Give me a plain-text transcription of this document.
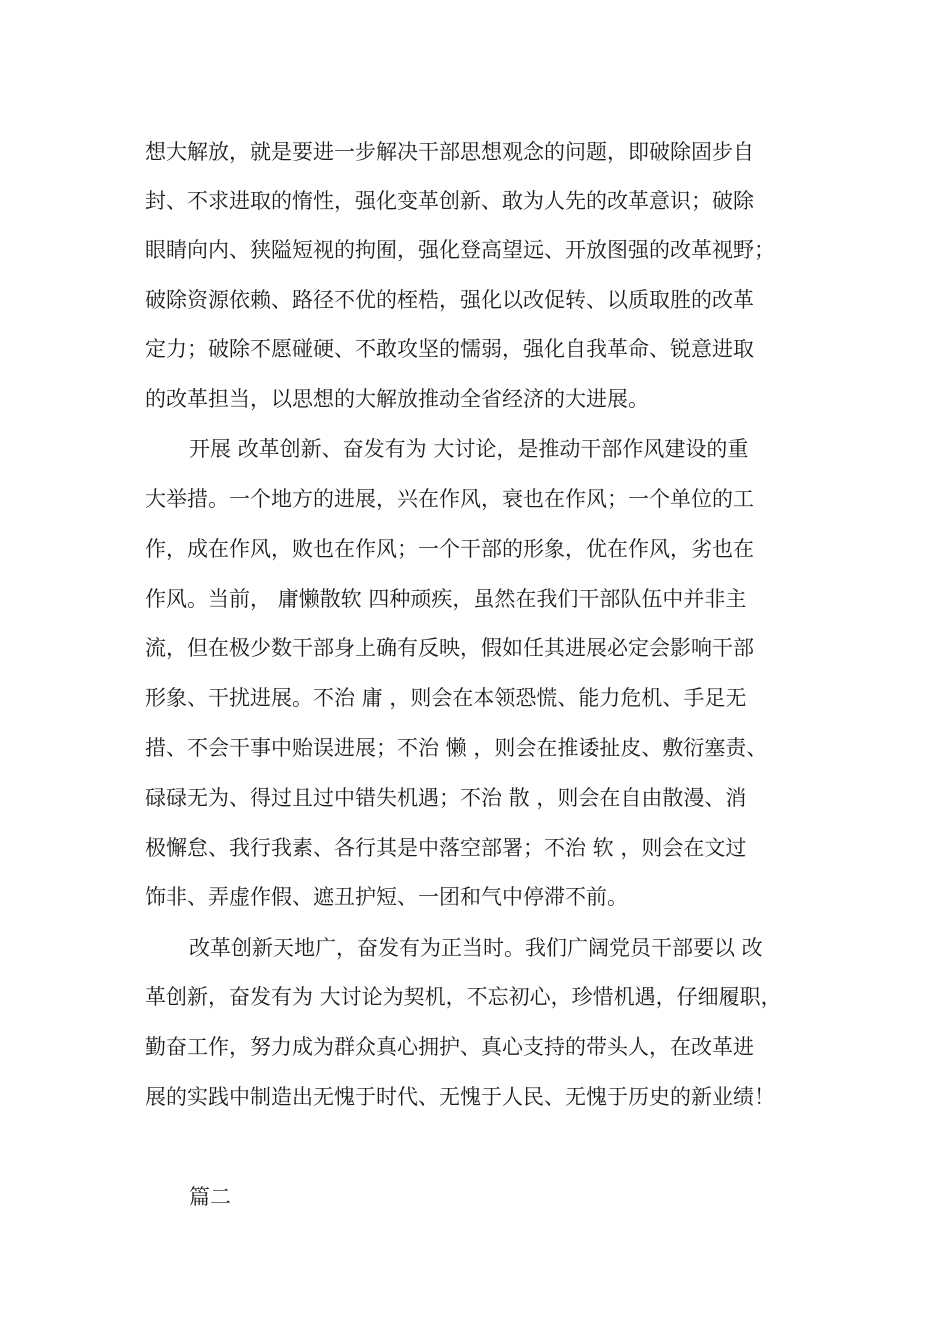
想大解放，就是要进一步解决干部思想观念的问题，即破除固步自
封、不求进取的惰性，强化变革创新、敢为人先的改革意识；破除
眼睛向内、狭隘短视的拘囿，强化登高望远、开放图强的改革视野；
破除资源依赖、路径不优的桎梏，强化以改促转、以质取胜的改革
定力；破除不愿碰硬、不敢攻坚的懦弱，强化自我革命、锐意进取
的改革担当，以思想的大解放推动全省经济的大进展。
开展 改革创新、奋发有为 大讨论，是推动干部作风建设的重
大举措。一个地方的进展，兴在作风，衰也在作风；一个单位的工
作，成在作风，败也在作风；一个干部的形象，优在作风，劣也在
作风。当前， 庸懒散软 四种顽疾，虽然在我们干部队伍中并非主
流，但在极少数干部身上确有反映，假如任其进展必定会影响干部
形象、干扰进展。不治 庸 ，则会在本领恐慌、能力危机、手足无
措、不会干事中贻误进展；不治 懒 ，则会在推诿扯皮、敷衍塞责、
碌碌无为、得过且过中错失机遇；不治 散 ，则会在自由散漫、消
极懈怠、我行我素、各行其是中落空部署；不治 软 ，则会在文过
饰非、弄虚作假、遮丑护短、一团和气中停滞不前。
改革创新天地广，奋发有为正当时。我们广阔党员干部要以 改
革创新，奋发有为 大讨论为契机，不忘初心，珍惜机遇，仔细履职，
勤奋工作，努力成为群众真心拥护、真心支持的带头人，在改革进
展的实践中制造出无愧于时代、无愧于人民、无愧于历史的新业绩！
篇二
